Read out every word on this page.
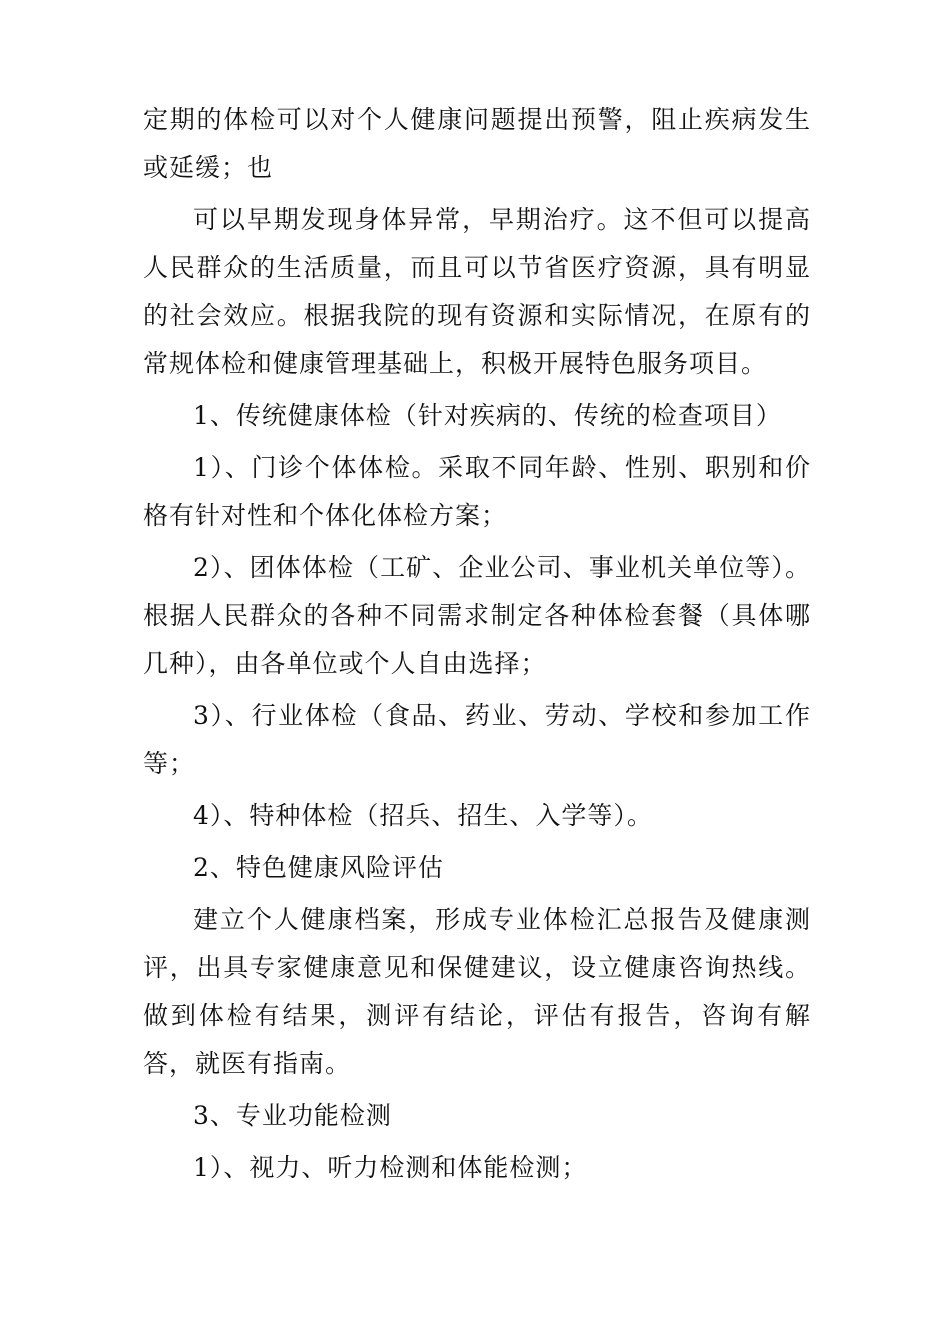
定期的体检可以对个人健康问题提出预警，阻止疾病发生或延缓；也

可以早期发现身体异常，早期治疗。这不但可以提高人民群众的生活质量，而且可以节省医疗资源，具有明显的社会效应。根据我院的现有资源和实际情况，在原有的常规体检和健康管理基础上，积极开展特色服务项目。

1、传统健康体检（针对疾病的、传统的检查项目）

1）、门诊个体体检。采取不同年龄、性别、职别和价格有针对性和个体化体检方案；

2）、团体体检（工矿、企业公司、事业机关单位等）。根据人民群众的各种不同需求制定各种体检套餐（具体哪几种），由各单位或个人自由选择；

3）、行业体检（食品、药业、劳动、学校和参加工作等；

4）、特种体检（招兵、招生、入学等）。

2、特色健康风险评估

建立个人健康档案，形成专业体检汇总报告及健康测评，出具专家健康意见和保健建议，设立健康咨询热线。做到体检有结果，测评有结论，评估有报告，咨询有解答，就医有指南。

3、专业功能检测

1）、视力、听力检测和体能检测；
